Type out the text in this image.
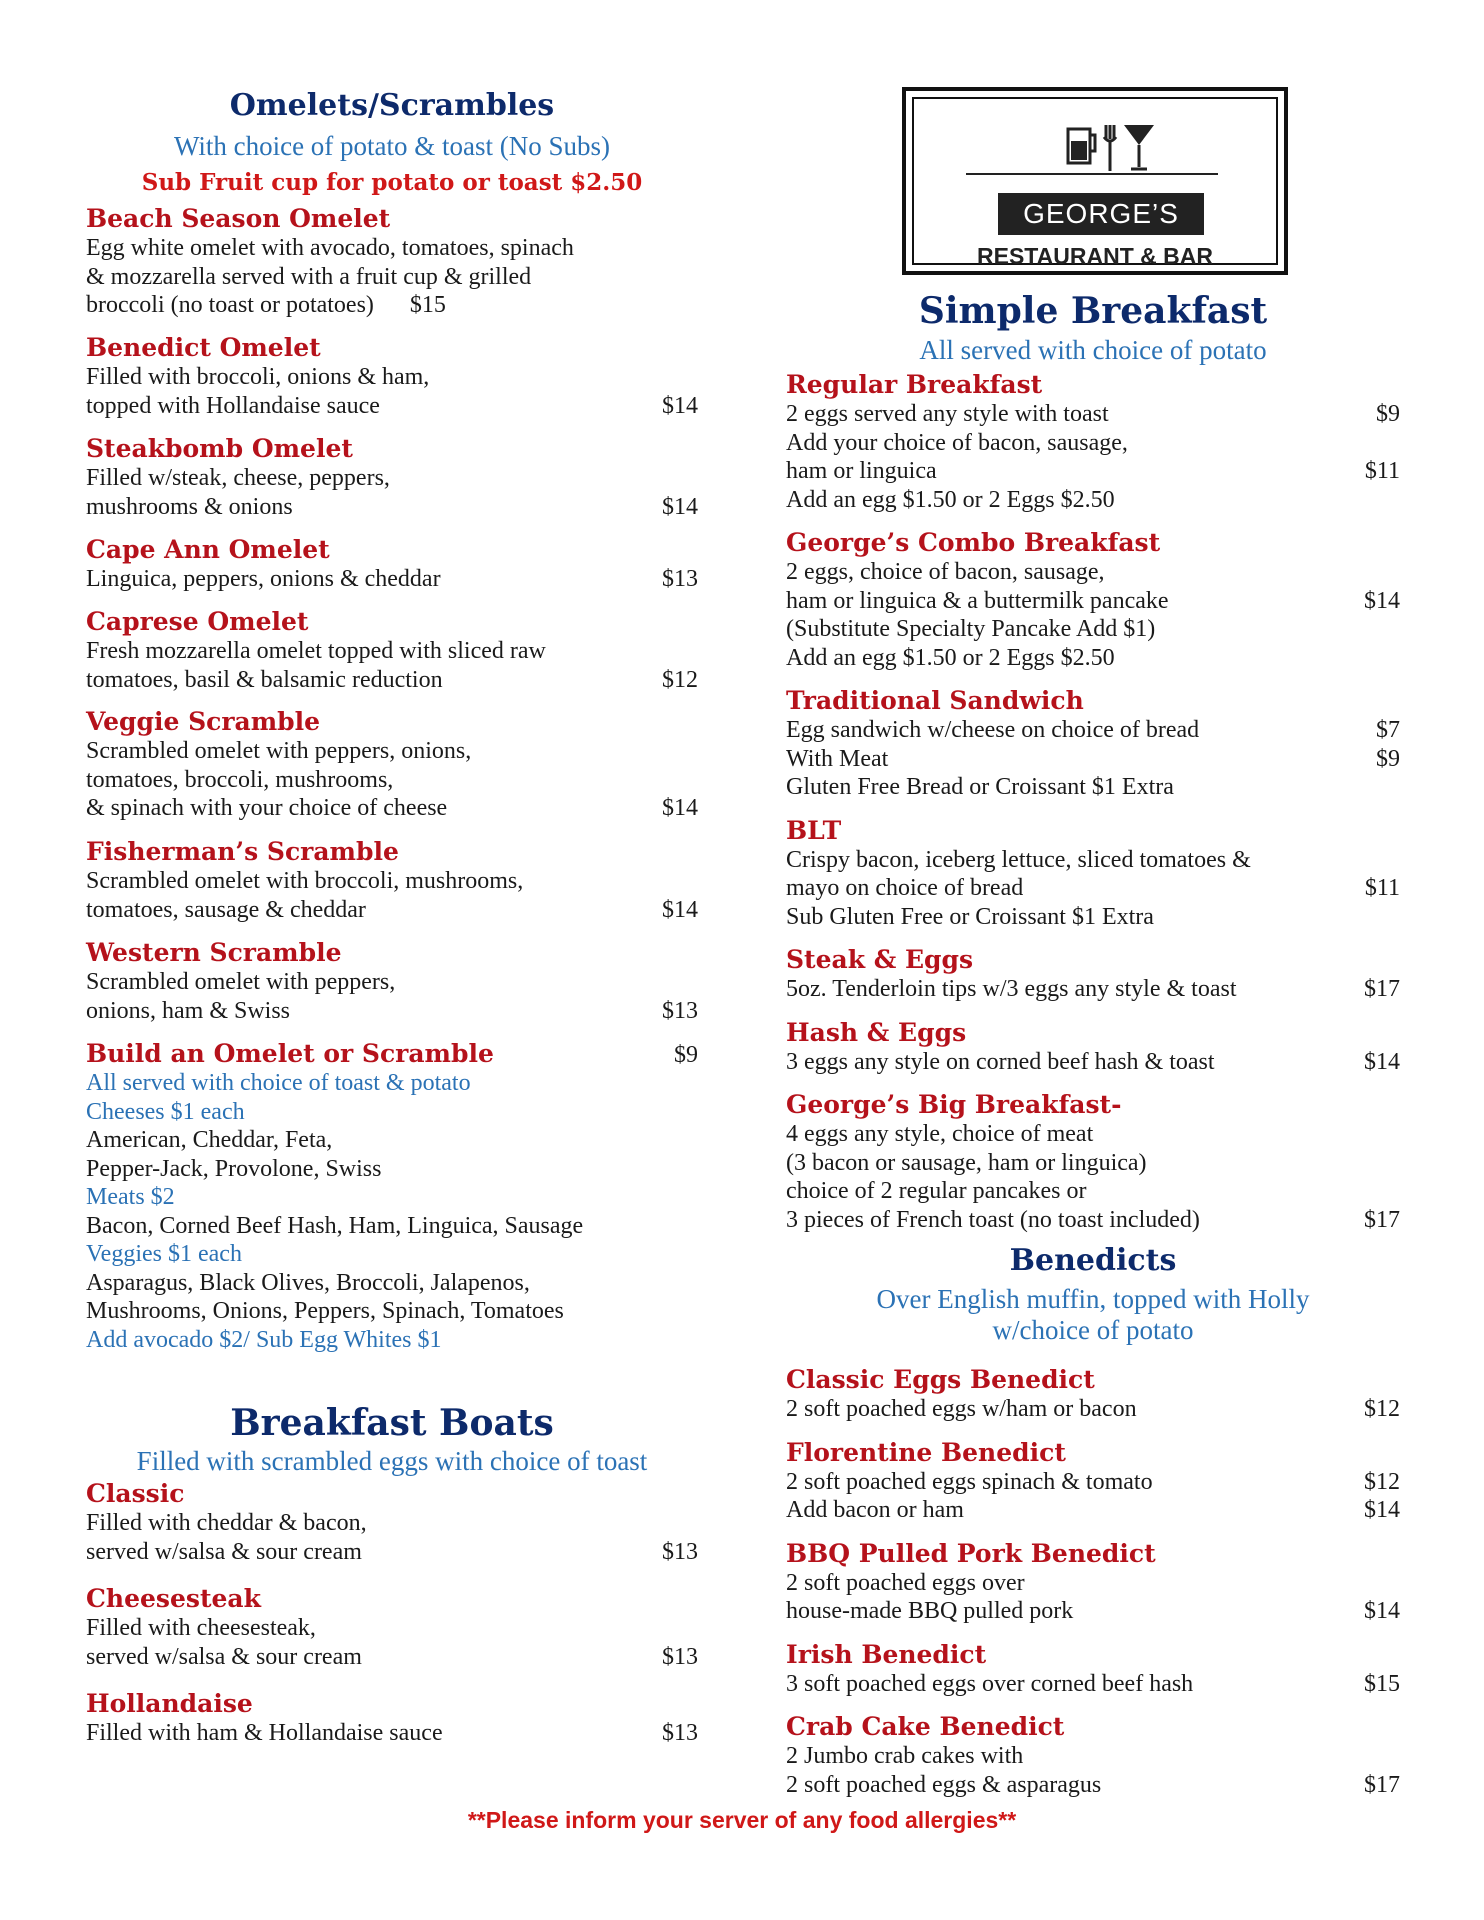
Omelets/Scrambles
With choice of potato & toast (No Subs)
Sub Fruit cup for potato or toast $2.50
Beach Season Omelet
Egg white omelet with avocado, tomatoes, spinach
& mozzarella served with a fruit cup & grilled
broccoli (no toast or potatoes)      $15
Benedict Omelet
Filled with broccoli, onions & ham,
topped with Hollandaise sauce	$14
Steakbomb Omelet
Filled w/steak, cheese, peppers,
mushrooms & onions	$14
Cape Ann Omelet
Linguica, peppers, onions & cheddar	$13
Caprese Omelet
Fresh mozzarella omelet topped with sliced raw
tomatoes, basil & balsamic reduction	$12
Veggie Scramble
Scrambled omelet with peppers, onions,
tomatoes, broccoli, mushrooms,
& spinach with your choice of cheese	$14
Fisherman’s Scramble
Scrambled omelet with broccoli, mushrooms,
tomatoes, sausage & cheddar	$14
Western Scramble
Scrambled omelet with peppers,
onions, ham & Swiss	$13
Build an Omelet or Scramble	$9
All served with choice of toast & potato
Cheeses $1 each
American, Cheddar, Feta,
Pepper-Jack, Provolone, Swiss
Meats $2
Bacon, Corned Beef Hash, Ham, Linguica, Sausage
Veggies $1 each
Asparagus, Black Olives, Broccoli, Jalapenos,
Mushrooms, Onions, Peppers, Spinach, Tomatoes
Add avocado $2/ Sub Egg Whites $1
Breakfast Boats
Filled with scrambled eggs with choice of toast
Classic
Filled with cheddar & bacon,
served w/salsa & sour cream	$13
Cheesesteak
Filled with cheesesteak,
served w/salsa & sour cream	$13
Hollandaise
Filled with ham & Hollandaise sauce	$13
GEORGE’S
RESTAURANT & BAR
Simple Breakfast
All served with choice of potato
Regular Breakfast
2 eggs served any style with toast	$9
Add your choice of bacon, sausage,
ham or linguica	$11
Add an egg $1.50 or 2 Eggs $2.50
George’s Combo Breakfast
2 eggs, choice of bacon, sausage,
ham or linguica & a buttermilk pancake	$14
(Substitute Specialty Pancake Add $1)
Add an egg $1.50 or 2 Eggs $2.50
Traditional Sandwich
Egg sandwich w/cheese on choice of bread	$7
With Meat	$9
Gluten Free Bread or Croissant $1 Extra
BLT
Crispy bacon, iceberg lettuce, sliced tomatoes &
mayo on choice of bread	$11
Sub Gluten Free or Croissant $1 Extra
Steak & Eggs
5oz. Tenderloin tips w/3 eggs any style & toast	$17
Hash & Eggs
3 eggs any style on corned beef hash & toast	$14
George’s Big Breakfast-
4 eggs any style, choice of meat
(3 bacon or sausage, ham or linguica)
choice of 2 regular pancakes or
3 pieces of French toast (no toast included)	$17
Benedicts
Over English muffin, topped with Holly
w/choice of potato
Classic Eggs Benedict
2 soft poached eggs w/ham or bacon	$12
Florentine Benedict
2 soft poached eggs spinach & tomato	$12
Add bacon or ham	$14
BBQ Pulled Pork Benedict
2 soft poached eggs over
house-made BBQ pulled pork	$14
Irish Benedict
3 soft poached eggs over corned beef hash	$15
Crab Cake Benedict
2 Jumbo crab cakes with
2 soft poached eggs & asparagus	$17
**Please inform your server of any food allergies**
